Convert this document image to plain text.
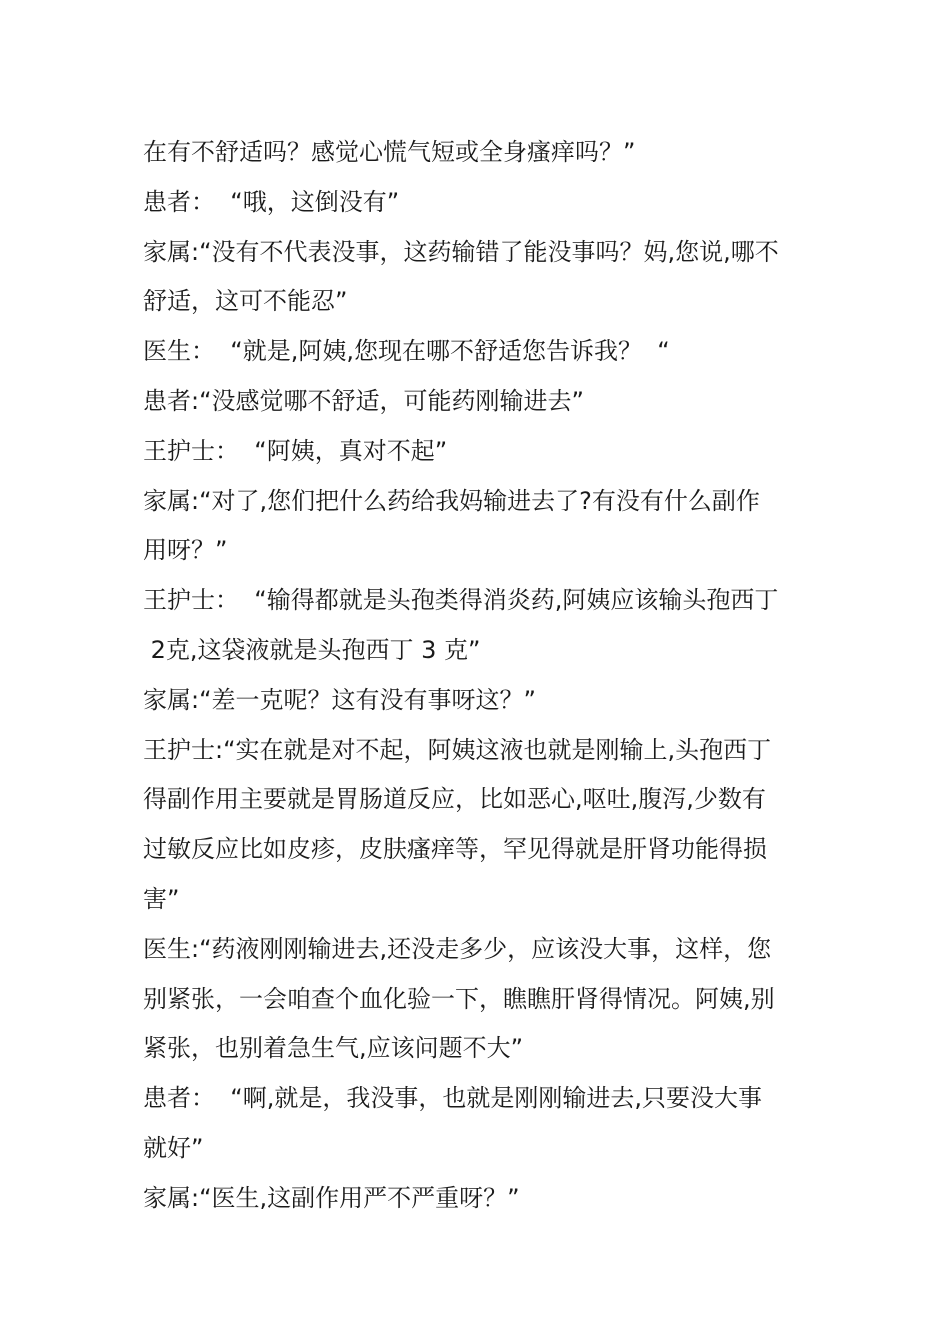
在有不舒适吗？感觉心慌气短或全身瘙痒吗？”
患者：  “哦，这倒没有”
家属:“没有不代表没事，这药输错了能没事吗？妈,您说,哪不
舒适，这可不能忍”
医生：  “就是,阿姨,您现在哪不舒适您告诉我？  “
患者:“没感觉哪不舒适，可能药刚输进去”
王护士：  “阿姨，真对不起”
家属:“对了,您们把什么药给我妈输进去了?有没有什么副作
用呀？”
王护士：  “输得都就是头孢类得消炎药,阿姨应该输头孢西丁
2克,这袋液就是头孢西丁 3 克”
家属:“差一克呢？这有没有事呀这？”
王护士:“实在就是对不起，阿姨这液也就是刚输上,头孢西丁
得副作用主要就是胃肠道反应，比如恶心,呕吐,腹泻,少数有
过敏反应比如皮疹，皮肤瘙痒等，罕见得就是肝肾功能得损
害”
医生:“药液刚刚输进去,还没走多少，应该没大事，这样，您
别紧张，一会咱查个血化验一下，瞧瞧肝肾得情况。阿姨,别
紧张，也别着急生气,应该问题不大”
患者：  “啊,就是，我没事，也就是刚刚输进去,只要没大事
就好”
家属:“医生,这副作用严不严重呀？”
